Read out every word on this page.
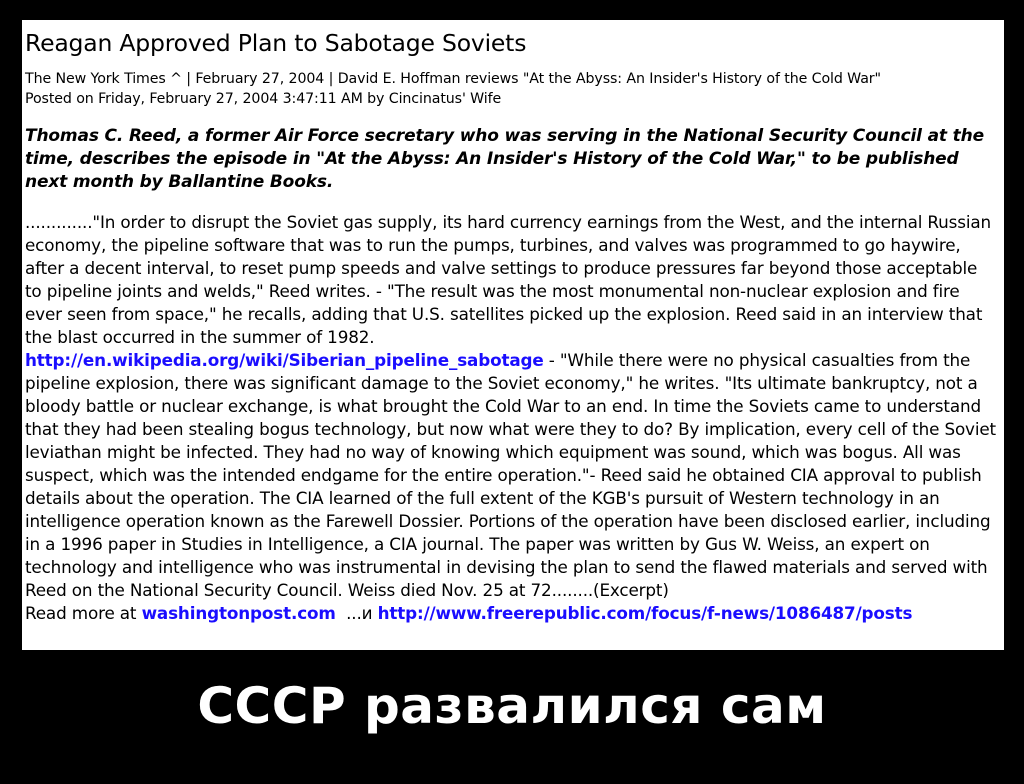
Reagan Approved Plan to Sabotage Soviets
The New York Times ^ | February 27, 2004 | David E. Hoffman reviews "At the Abyss: An Insider's History of the Cold War"
Posted on Friday, February 27, 2004 3:47:11 AM by Cincinatus' Wife
Thomas C. Reed, a former Air Force secretary who was serving in the National Security Council at the time, describes the episode in "At the Abyss: An Insider's History of the Cold War," to be published next month by Ballantine Books.
............."In order to disrupt the Soviet gas supply, its hard currency earnings from the West, and the internal Russian economy, the pipeline software that was to run the pumps, turbines, and valves was programmed to go haywire, after a decent interval, to reset pump speeds and valve settings to produce pressures far beyond those acceptable to pipeline joints and welds," Reed writes. - "The result was the most monumental non-nuclear explosion and fire ever seen from space," he recalls, adding that U.S. satellites picked up the explosion. Reed said in an interview that the blast occurred in the summer of 1982.
http://en.wikipedia.org/wiki/Siberian_pipeline_sabotage - "While there were no physical casualties from the pipeline explosion, there was significant damage to the Soviet economy," he writes. "Its ultimate bankruptcy, not a bloody battle or nuclear exchange, is what brought the Cold War to an end. In time the Soviets came to understand that they had been stealing bogus technology, but now what were they to do? By implication, every cell of the Soviet leviathan might be infected. They had no way of knowing which equipment was sound, which was bogus. All was suspect, which was the intended endgame for the entire operation."- Reed said he obtained CIA approval to publish details about the operation. The CIA learned of the full extent of the KGB's pursuit of Western technology in an intelligence operation known as the Farewell Dossier. Portions of the operation have been disclosed earlier, including in a 1996 paper in Studies in Intelligence, a CIA journal. The paper was written by Gus W. Weiss, an expert on technology and intelligence who was instrumental in devising the plan to send the flawed materials and served with Reed on the National Security Council. Weiss died Nov. 25 at 72........(Excerpt)
Read more at washingtonpost.com  ...и http://www.freerepublic.com/focus/f-news/1086487/posts
СССР развалился сам
